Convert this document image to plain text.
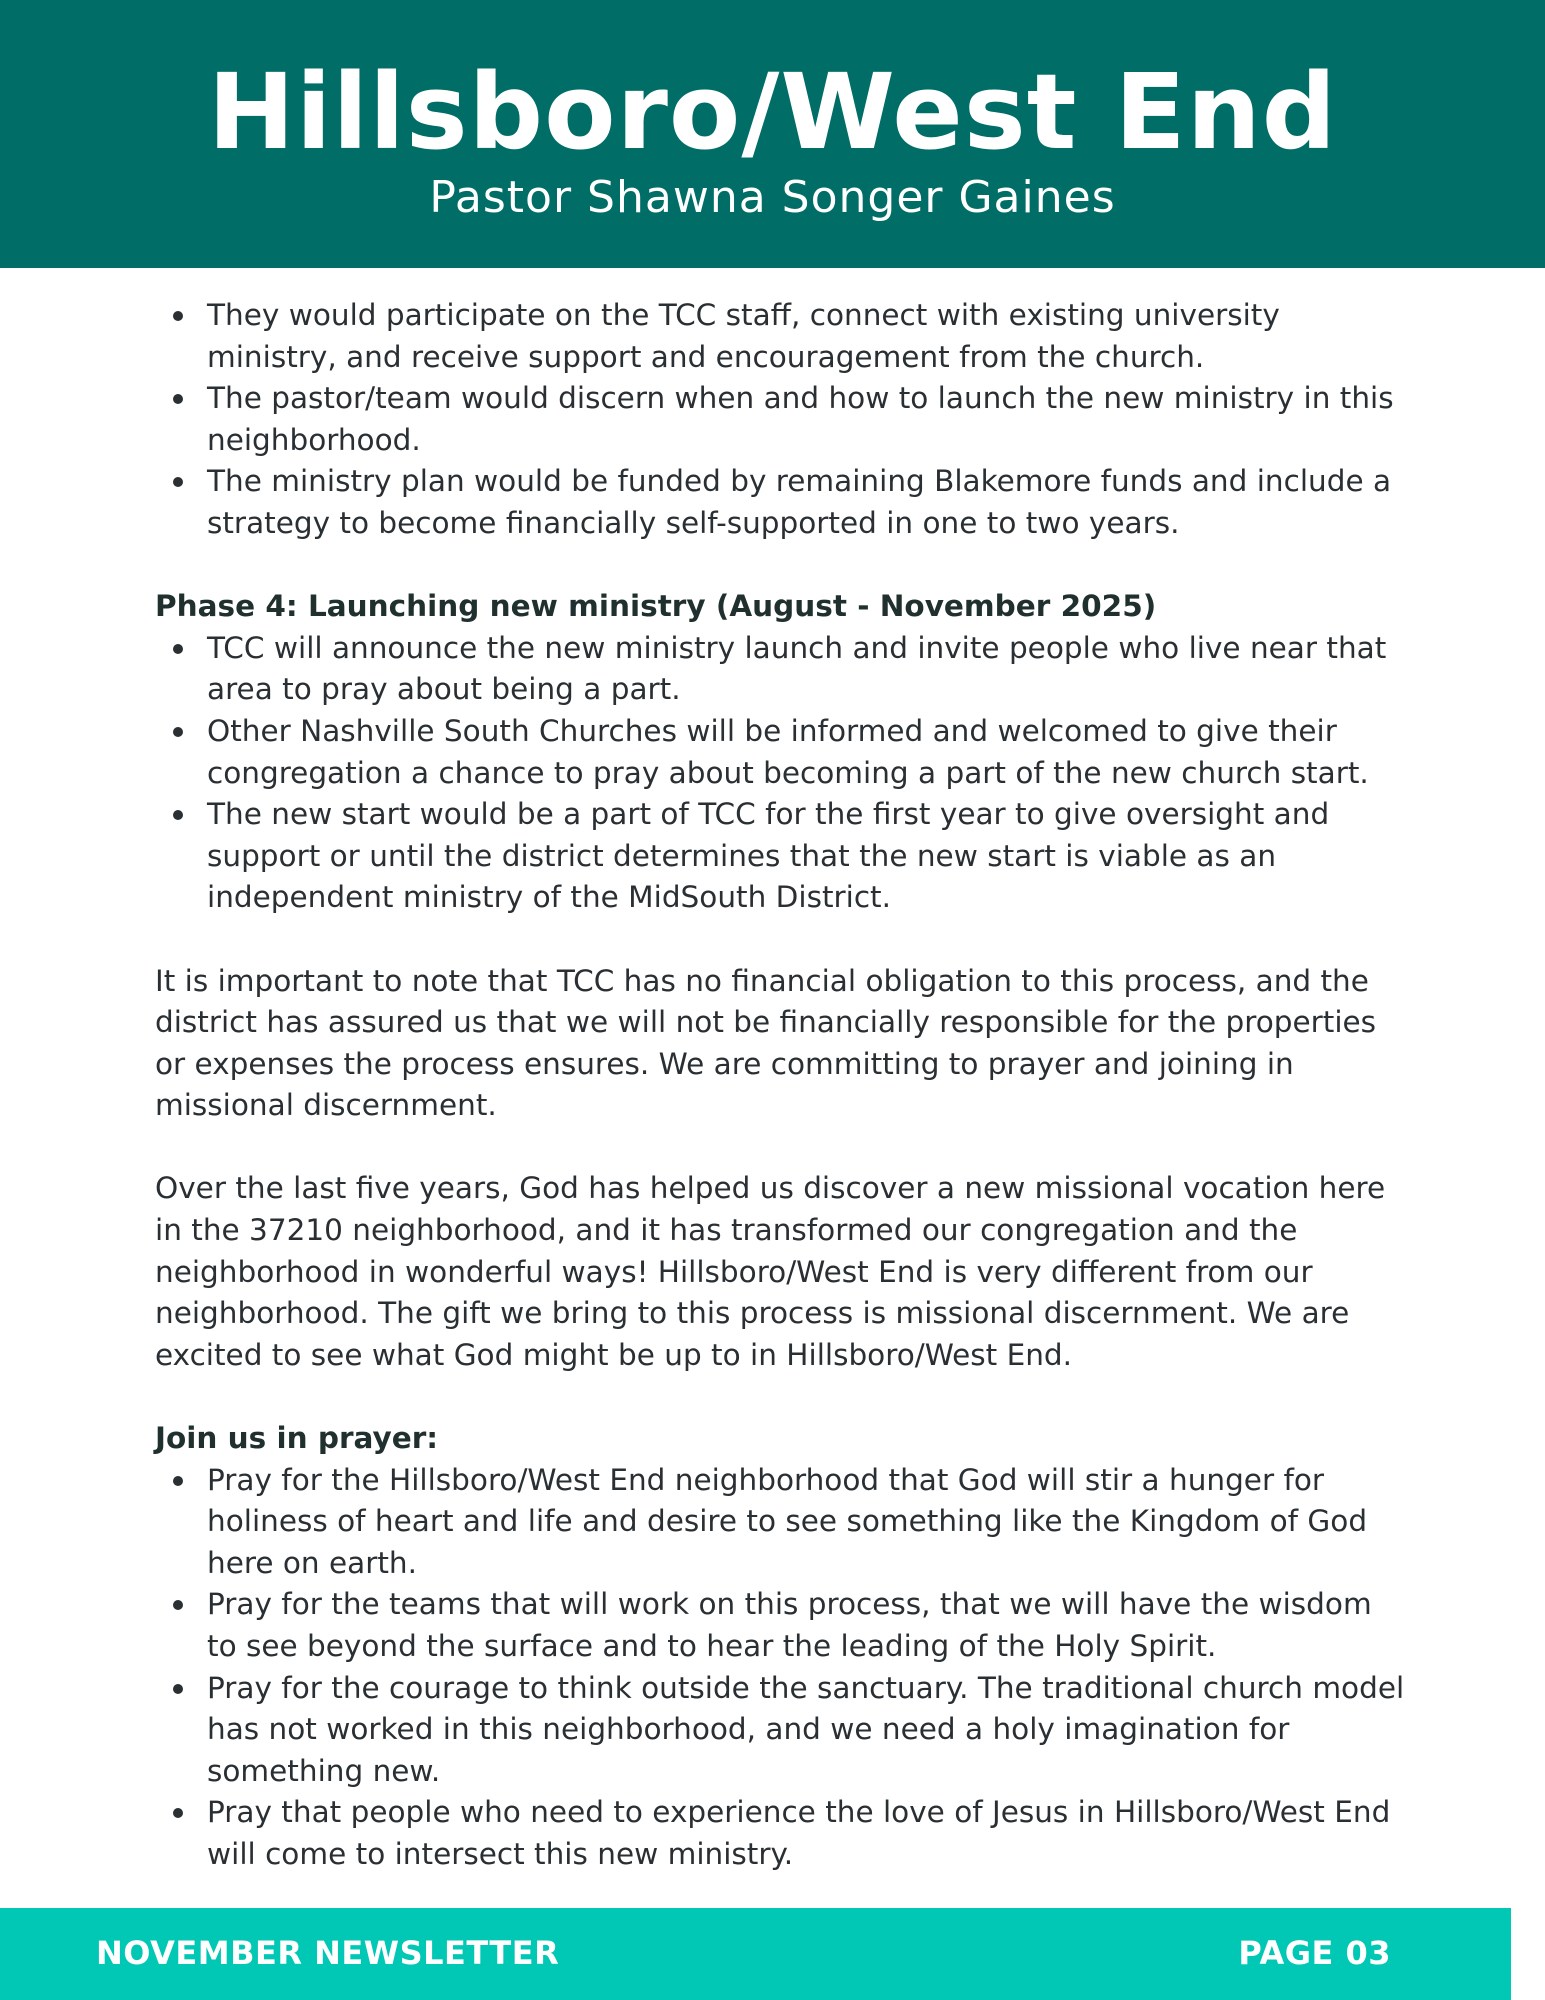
Hillsboro/West End
Pastor Shawna Songer Gaines
They would participate on the TCC staff, connect with existing university ministry, and receive support and encouragement from the church.
The pastor/team would discern when and how to launch the new ministry in this neighborhood.
The ministry plan would be funded by remaining Blakemore funds and include a strategy to become financially self-supported in one to two years.

Phase 4: Launching new ministry (August - November 2025)

TCC will announce the new ministry launch and invite people who live near that area to pray about being a part.
Other Nashville South Churches will be informed and welcomed to give their congregation a chance to pray about becoming a part of the new church start.
The new start would be a part of TCC for the first year to give oversight and support or until the district determines that the new start is viable as an independent ministry of the MidSouth District.

It is important to note that TCC has no financial obligation to this process, and the district has assured us that we will not be financially responsible for the properties or expenses the process ensures. We are committing to prayer and joining in missional discernment.

Over the last five years, God has helped us discover a new missional vocation here in the 37210 neighborhood, and it has transformed our congregation and the neighborhood in wonderful ways! Hillsboro/West End is very different from our neighborhood. The gift we bring to this process is missional discernment. We are excited to see what God might be up to in Hillsboro/West End.

Join us in prayer:

Pray for the Hillsboro/West End neighborhood that God will stir a hunger for holiness of heart and life and desire to see something like the Kingdom of God here on earth.
Pray for the teams that will work on this process, that we will have the wisdom to see beyond the surface and to hear the leading of the Holy Spirit.
Pray for the courage to think outside the sanctuary. The traditional church model has not worked in this neighborhood, and we need a holy imagination for something new.
Pray that people who need to experience the love of Jesus in Hillsboro/West End will come to intersect this new ministry.
NOVEMBER NEWSLETTER	PAGE 03
